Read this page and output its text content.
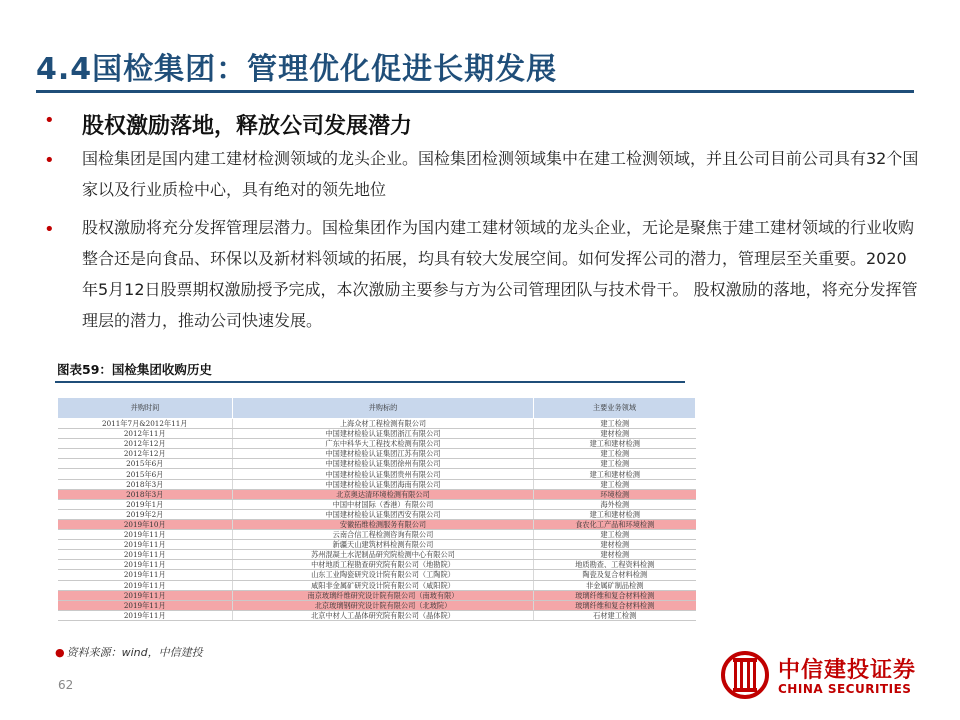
4.4国检集团：管理优化促进长期发展
• 股权激励落地，释放公司发展潜力
• 国检集团是国内建工建材检测领域的龙头企业。国检集团检测领域集中在建工检测领域，并且公司目前公司具有32个国家以及行业质检中心，具有绝对的领先地位
• 股权激励将充分发挥管理层潜力。国检集团作为国内建工建材领域的龙头企业，无论是聚焦于建工建材领域的行业收购整合还是向食品、环保以及新材料领域的拓展，均具有较大发展空间。如何发挥公司的潜力，管理层至关重要。2020年5月12日股票期权激励授予完成，本次激励主要参与方为公司管理团队与技术骨干。 股权激励的落地，将充分发挥管理层的潜力，推动公司快速发展。
图表59：国检集团收购历史
并购时间	并购标的	主要业务领域
2011年7月&2012年11月	上海众材工程检测有限公司	建工检测
2012年11月	中国建材检验认证集团浙江有限公司	建材检测
2012年12月	广东中科华大工程技术检测有限公司	建工和建材检测
2012年12月	中国建材检验认证集团江苏有限公司	建工检测
2015年6月	中国建材检验认证集团徐州有限公司	建工检测
2015年6月	中国建材检验认证集团贵州有限公司	建工和建材检测
2018年3月	中国建材检验认证集团海南有限公司	建工检测
2018年3月	北京奥达清环境检测有限公司	环境检测
2019年1月	中国中材国际（香港）有限公司	海外检测
2019年2月	中国建材检验认证集团西安有限公司	建工和建材检测
2019年10月	安徽拓维检测服务有限公司	食农化工产品和环境检测
2019年11月	云南合信工程检测咨询有限公司	建工检测
2019年11月	新疆天山建筑材料检测有限公司	建材检测
2019年11月	苏州混凝土水泥制品研究院检测中心有限公司	建材检测
2019年11月	中材地质工程勘查研究院有限公司（地勘院）	地质勘查、工程资料检测
2019年11月	山东工业陶瓷研究设计院有限公司（工陶院）	陶瓷及复合材料检测
2019年11月	咸阳非金属矿研究设计院有限公司（咸阳院）	非金属矿制品检测
2019年11月	南京玻璃纤维研究设计院有限公司（南玻有限）	玻璃纤维和复合材料检测
2019年11月	北京玻璃钢研究设计院有限公司（北玻院）	玻璃纤维和复合材料检测
2019年11月	北京中材人工晶体研究院有限公司（晶体院）	石材建工检测
● 资料来源：wind，中信建投
62
中信建投证券
CHINA SECURITIES
